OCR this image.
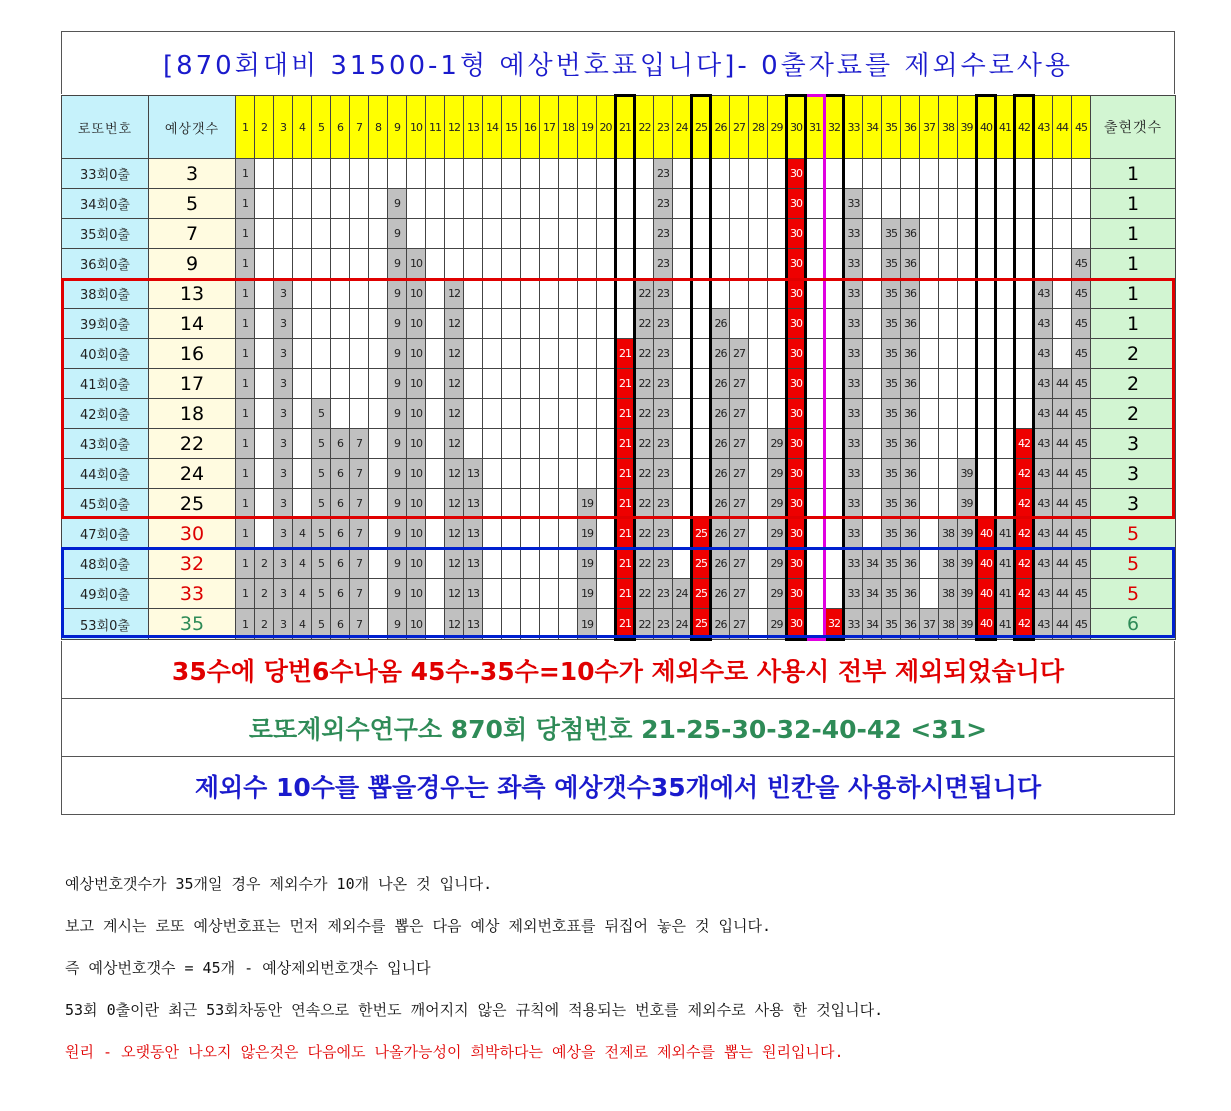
[870회대비 31500-1형 예상번호표입니다]- 0출자료를 제외수로사용
로또번호	예상갯수	1	2	3	4	5	6	7	8	9	10	11	12	13	14	15	16	17	18	19	20	21	22	23	24	25	26	27	28	29	30	31	32	33	34	35	36	37	38	39	40	41	42	43	44	45	출현갯수
33회0출	3	1																						23							30																1
34회0출	5	1								9														23							30			33													1
35회0출	7	1								9														23							30			33		35	36										1
36회0출	9	1								9	10													23							30			33		35	36									45	1
38회0출	13	1		3						9	10		12										22	23							30			33		35	36							43		45	1
39회0출	14	1		3						9	10		12										22	23			26				30			33		35	36							43		45	1
40회0출	16	1		3						9	10		12									21	22	23			26	27			30			33		35	36							43		45	2
41회0출	17	1		3						9	10		12									21	22	23			26	27			30			33		35	36							43	44	45	2
42회0출	18	1		3		5				9	10		12									21	22	23			26	27			30			33		35	36							43	44	45	2
43회0출	22	1		3		5	6	7		9	10		12									21	22	23			26	27		29	30			33		35	36						42	43	44	45	3
44회0출	24	1		3		5	6	7		9	10		12	13								21	22	23			26	27		29	30			33		35	36			39			42	43	44	45	3
45회0출	25	1		3		5	6	7		9	10		12	13						19		21	22	23			26	27		29	30			33		35	36			39			42	43	44	45	3
47회0출	30	1		3	4	5	6	7		9	10		12	13						19		21	22	23		25	26	27		29	30			33		35	36		38	39	40	41	42	43	44	45	5
48회0출	32	1	2	3	4	5	6	7		9	10		12	13						19		21	22	23		25	26	27		29	30			33	34	35	36		38	39	40	41	42	43	44	45	5
49회0출	33	1	2	3	4	5	6	7		9	10		12	13						19		21	22	23	24	25	26	27		29	30			33	34	35	36		38	39	40	41	42	43	44	45	5
53회0출	35	1	2	3	4	5	6	7		9	10		12	13						19		21	22	23	24	25	26	27		29	30		32	33	34	35	36	37	38	39	40	41	42	43	44	45	6
35수에 당번6수나옴 45수-35수=10수가 제외수로 사용시 전부 제외되었습니다
로또제외수연구소 870회 당첨번호 21-25-30-32-40-42 <31>
제외수 10수를 뽑을경우는 좌측 예상갯수35개에서 빈칸을 사용하시면됩니다

예상번호갯수가 35개일 경우 제외수가 10개 나온 것 입니다.

보고 계시는 로또 예상번호표는 먼저 제외수를 뽑은 다음 예상 제외번호표를 뒤집어 놓은 것 입니다.

즉 예상번호갯수 = 45개 - 예상제외번호갯수 입니다

53회 0출이란 최근 53회차동안 연속으로 한번도 깨어지지 않은 규칙에 적용되는 번호를 제외수로 사용 한 것입니다.

원리 - 오랫동안 나오지 않은것은 다음에도 나올가능성이 희박하다는 예상을 전제로 제외수를 뽑는 원리입니다.
